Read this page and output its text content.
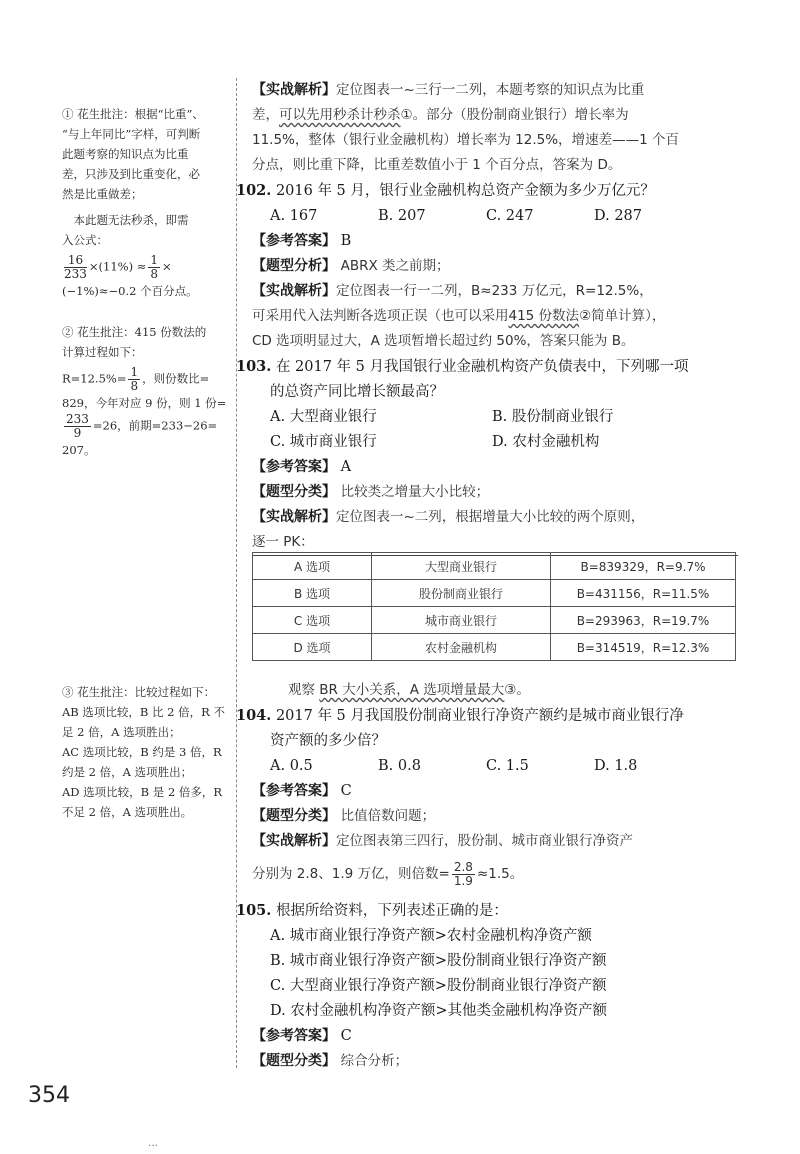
① 花生批注：根据“比重”、

“与上年同比”字样，可判断

此题考察的知识点为比重

差，只涉及到比重变化，必

然是比重做差；

　本此题无法秒杀，即需

入公式：

$\frac{16}{233} \times(11\%) \approx \frac{1}{8}$ ×

(−1%)≈−0.2 个百分点。

② 花生批注：415 份数法的

计算过程如下：

$R=12.5\%= \frac{1}{8}$ ，则份数比=

829，今年对应 9 份，则 1 份=

$\frac{233}{9} =26$，前期=233−26=

207。

③ 花生批注：比较过程如下：

AB 选项比较，B 比 2 倍，R 不

足 2 倍，A 选项胜出；

AC 选项比较，B 约是 3 倍，R

约是 2 倍，A 选项胜出；

AD 选项比较，B 是 2 倍多，R

不足 2 倍，A 选项胜出。

【实战解析】定位图表一~三行一二列，本题考察的知识点为比重
差，可以先用秒杀计秒杀①。部分（股份制商业银行）增长率为
11.5%，整体（银行业金融机构）增长率为 12.5%，增速差——1 个百
分点，则比重下降，比重差数值小于 1 个百分点，答案为 D。
102. 2016 年 5 月，银行业金融机构总资产金额为多少万亿元？
A. 167	B. 207	C. 247	D. 287
【参考答案】 B
【题型分析】 ABRX 类之前期；
【实战解析】定位图表一行一二列，B≈233 万亿元，R=12.5%，
可采用代入法判断各选项正误（也可以采用415 份数法②简单计算），
CD 选项明显过大，A 选项暂增长超过约 50%，答案只能为 B。
103. 在 2017 年 5 月我国银行业金融机构资产负债表中，下列哪一项
的总资产同比增长额最高？
A. 大型商业银行	B. 股份制商业银行
C. 城市商业银行	D. 农村金融机构
【参考答案】 A
【题型分类】 比较类之增量大小比较；
【实战解析】定位图表一~二列，根据增量大小比较的两个原则，
逐一 PK：
A 选项	大型商业银行	B=839329，R=9.7%
B 选项	股份制商业银行	B=431156，R=11.5%
C 选项	城市商业银行	B=293963，R=19.7%
D 选项	农村金融机构	B=314519，R=12.3%
观察 BR 大小关系，A 选项增量最大③。
104. 2017 年 5 月我国股份制商业银行净资产额约是城市商业银行净
资产额的多少倍？
A. 0.5	B. 0.8	C. 1.5	D. 1.8
【参考答案】 C
【题型分类】 比值倍数问题；
【实战解析】定位图表第三四行，股份制、城市商业银行净资产
分别为 2.8、1.9 万亿，则倍数= $\frac{2.8}{1.9} \approx 1.5$。
105. 根据所给资料，下列表述正确的是：
A. 城市商业银行净资产额>农村金融机构净资产额
B. 城市商业银行净资产额>股份制商业银行净资产额
C. 大型商业银行净资产额>股份制商业银行净资产额
D. 农村金融机构净资产额>其他类金融机构净资产额
【参考答案】 C
【题型分类】 综合分析；
354
…
